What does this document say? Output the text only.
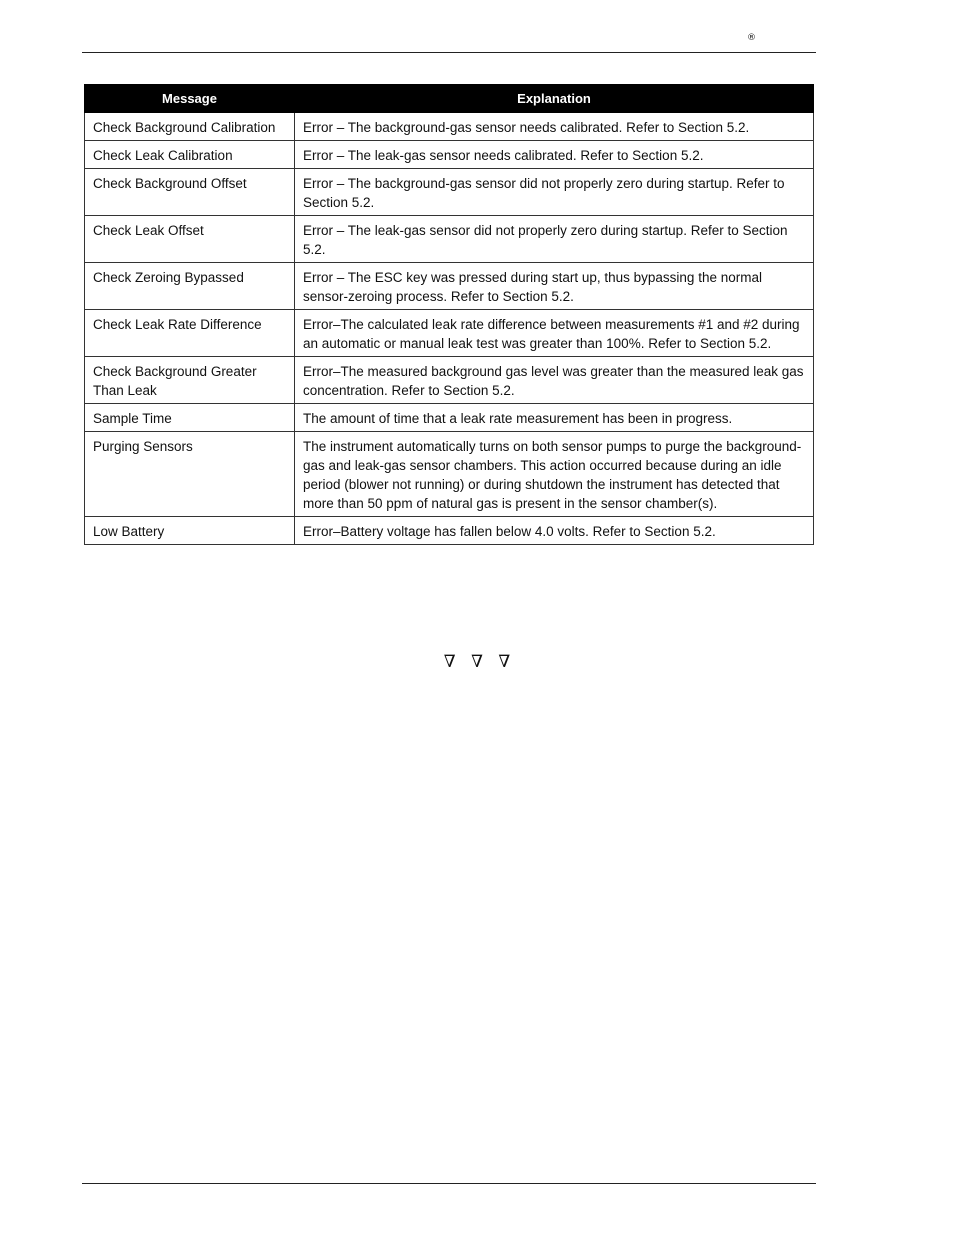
®
Message	Explanation
Check Background Calibration	Error – The background-gas sensor needs calibrated. Refer to Section 5.2.
Check Leak Calibration	Error – The leak-gas sensor needs calibrated. Refer to Section 5.2.
Check Background Offset	Error – The background-gas sensor did not properly zero during startup. Refer to Section 5.2.
Check Leak Offset	Error – The leak-gas sensor did not properly zero during startup. Refer to Section 5.2.
Check Zeroing Bypassed	Error – The ESC key was pressed during start up, thus bypassing the normal sensor-zeroing process. Refer to Section 5.2.
Check Leak Rate Difference	Error–The calculated leak rate difference between measurements #1 and #2 during an automatic or manual leak test was greater than 100%. Refer to Section 5.2.
Check Background Greater Than Leak	Error–The measured background gas level was greater than the measured leak gas concentration. Refer to Section 5.2.
Sample Time	The amount of time that a leak rate measurement has been in progress.
Purging Sensors	The instrument automatically turns on both sensor pumps to purge the background-gas and leak-gas sensor chambers. This action occurred because during an idle period (blower not running) or during shutdown the instrument has detected that more than 50 ppm of natural gas is present in the sensor chamber(s).
Low Battery	Error–Battery voltage has fallen below 4.0 volts. Refer to Section 5.2.
∇ ∇ ∇
